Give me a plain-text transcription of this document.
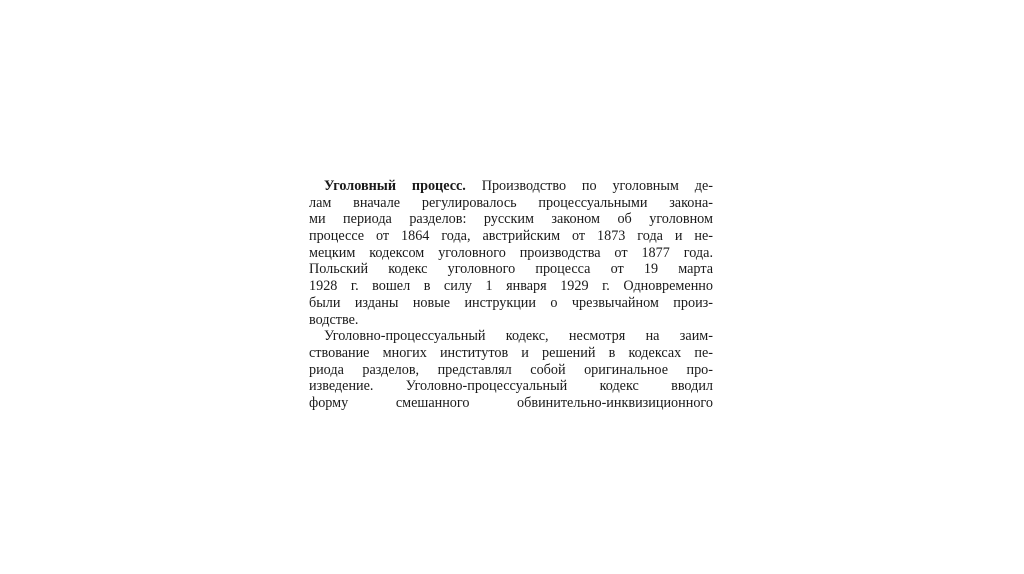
Уголовный процесс. Производство по уголовным де-
лам вначале регулировалось процессуальными закона-
ми периода разделов: русским законом об уголовном
процессе от 1864 года, австрийским от 1873 года и не-
мецким кодексом уголовного производства от 1877 года.
Польский кодекс уголовного процесса от 19 марта
1928 г. вошел в силу 1 января 1929 г. Одновременно
были изданы новые инструкции о чрезвычайном произ-
водстве.
Уголовно-процессуальный кодекс, несмотря на заим-
ствование многих институтов и решений в кодексах пе-
риода разделов, представлял собой оригинальное про-
изведение. Уголовно-процессуальный кодекс вводил
форму смешанного обвинительно-инквизиционного
